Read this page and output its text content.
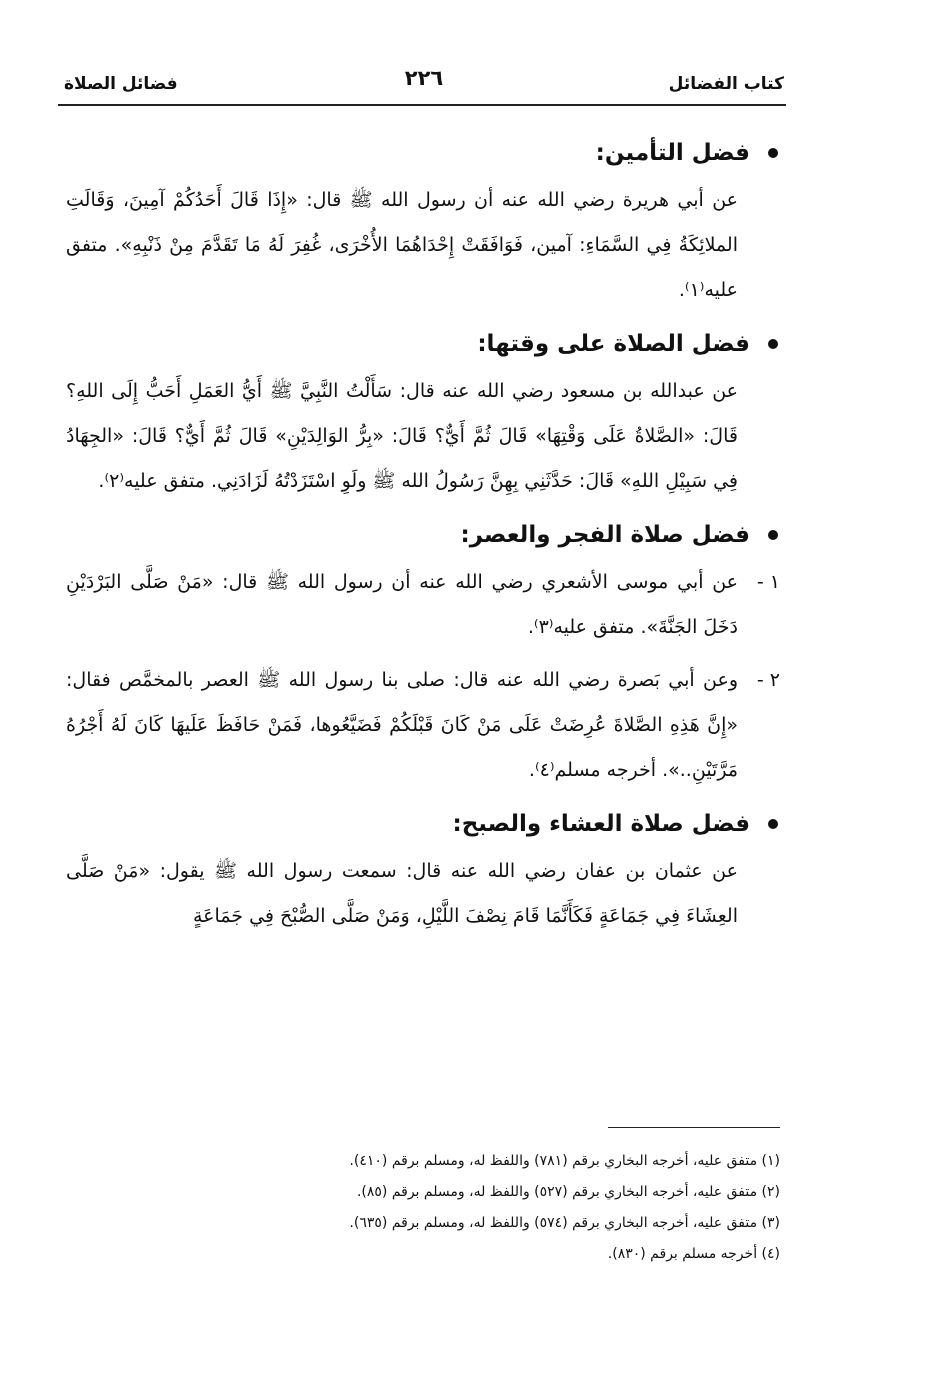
كتاب الفضائل
٢٢٦
فضائل الصلاة
فضل التأمين:

عن أبي هريرة رضي الله عنه أن رسول الله ﷺ قال: «إِذَا قَالَ أَحَدُكُمْ آمِينَ، وَقَالَتِ الملائِكَةُ فِي السَّمَاءِ: آمين، فَوَافَقَتْ إِحْدَاهُمَا الأُخْرَى، غُفِرَ لَهُ مَا تَقَدَّمَ مِنْ ذَنْبِهِ». متفق عليه⁽١⁾.

فضل الصلاة على وقتها:

عن عبدالله بن مسعود رضي الله عنه قال: سَأَلْتُ النَّبِيَّ ﷺ أَيُّ العَمَلِ أَحَبُّ إِلَى اللهِ؟ قَالَ: «الصَّلاةُ عَلَى وَقْتِهَا» قَالَ ثُمَّ أَيٌّ؟ قَالَ: «بِرُّ الوَالِدَيْنِ» قَالَ ثُمَّ أَيٌّ؟ قَالَ: «الجِهَادُ فِي سَبِيْلِ اللهِ» قَالَ: حَدَّثَنِي بِهِنَّ رَسُولُ الله ﷺ ولَوِ اسْتَزَدْتُهُ لَزَادَنِي. متفق عليه⁽٢⁾.

فضل صلاة الفجر والعصر:
١ -

عن أبي موسى الأشعري رضي الله عنه أن رسول الله ﷺ قال: «مَنْ صَلَّى البَرْدَيْنِ دَخَلَ الجَنَّةَ». متفق عليه⁽٣⁾.

٢ -

وعن أبي بَصرة رضي الله عنه قال: صلى بنا رسول الله ﷺ العصر بالمخمَّص فقال: «إِنَّ هَذِهِ الصَّلاةَ عُرِضَتْ عَلَى مَنْ كَانَ قَبْلَكُمْ فَضَيَّعُوها، فَمَنْ حَافَظَ عَلَيهَا كَانَ لَهُ أَجْرُهُ مَرَّتَيْنِ..». أخرجه مسلم⁽٤⁾.

فضل صلاة العشاء والصبح:

عن عثمان بن عفان رضي الله عنه قال: سمعت رسول الله ﷺ يقول: «مَنْ صَلَّى العِشَاءَ فِي جَمَاعَةٍ فَكَأَنَّمَا قَامَ نِصْفَ اللَّيْلِ، وَمَنْ صَلَّى الصُّبْحَ فِي جَمَاعَةٍ

(١) متفق عليه، أخرجه البخاري برقم (٧٨١) واللفظ له، ومسلم برقم (٤١٠).
(٢) متفق عليه، أخرجه البخاري برقم (٥٢٧) واللفظ له، ومسلم برقم (٨٥).
(٣) متفق عليه، أخرجه البخاري برقم (٥٧٤) واللفظ له، ومسلم برقم (٦٣٥).
(٤) أخرجه مسلم برقم (٨٣٠).
